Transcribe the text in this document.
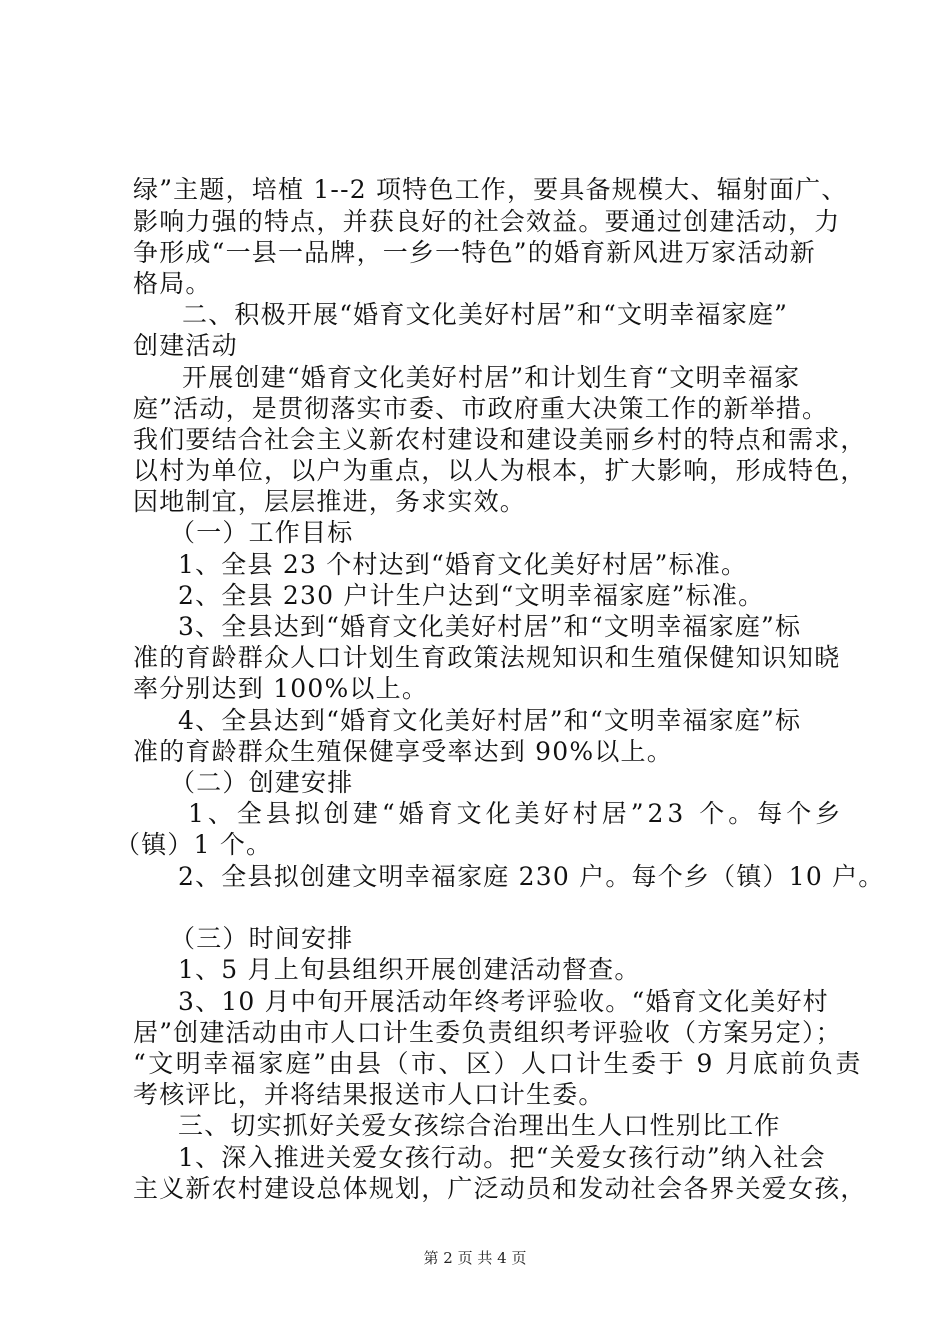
绿”主题，培植 1--2 项特色工作，要具备规模大、辐射面广、
影响力强的特点，并获良好的社会效益。要通过创建活动，力
争形成“一县一品牌，一乡一特色”的婚育新风进万家活动新
格局。
二、积极开展“婚育文化美好村居”和“文明幸福家庭”
创建活动
开展创建“婚育文化美好村居”和计划生育“文明幸福家
庭”活动，是贯彻落实市委、市政府重大决策工作的新举措。
我们要结合社会主义新农村建设和建设美丽乡村的特点和需求，
以村为单位，以户为重点，以人为根本，扩大影响，形成特色，
因地制宜，层层推进，务求实效。
（一）工作目标
1、全县 23 个村达到“婚育文化美好村居”标准。
2、全县 230 户计生户达到“文明幸福家庭”标准。
3、全县达到“婚育文化美好村居”和“文明幸福家庭”标
准的育龄群众人口计划生育政策法规知识和生殖保健知识知晓
率分别达到 100%以上。
4、全县达到“婚育文化美好村居”和“文明幸福家庭”标
准的育龄群众生殖保健享受率达到 90%以上。
（二）创建安排
1、全县拟创建“婚育文化美好村居”23 个。每个乡
（镇）1 个。
2、全县拟创建文明幸福家庭 230 户。每个乡（镇）10 户。
（三）时间安排
1、5 月上旬县组织开展创建活动督查。
3、10 月中旬开展活动年终考评验收。“婚育文化美好村
居”创建活动由市人口计生委负责组织考评验收（方案另定）；
“文明幸福家庭”由县（市、区）人口计生委于 9 月底前负责
考核评比，并将结果报送市人口计生委。
三、切实抓好关爱女孩综合治理出生人口性别比工作
1、深入推进关爱女孩行动。把“关爱女孩行动”纳入社会
主义新农村建设总体规划，广泛动员和发动社会各界关爱女孩，
第 2 页 共 4 页
